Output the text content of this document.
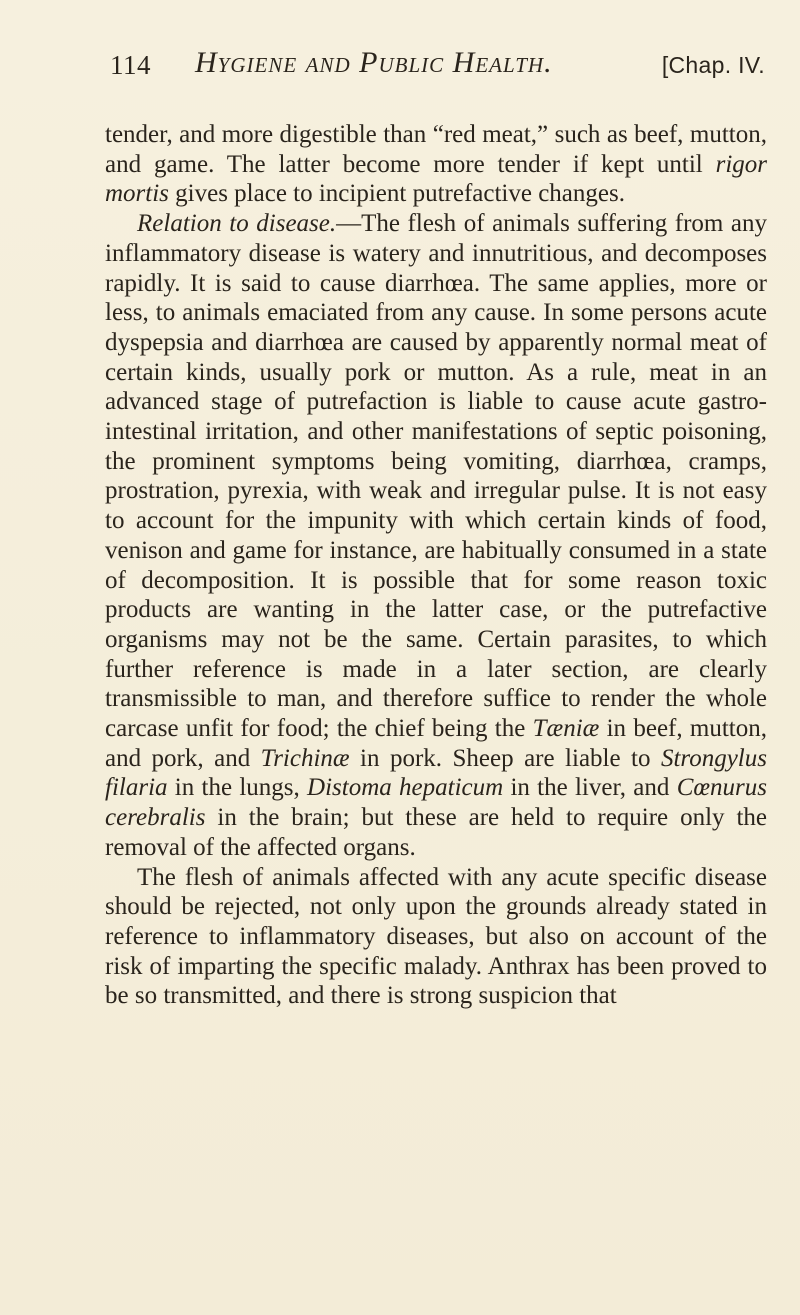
114 Hygiene and Public Health.	[Chap. IV.

tender, and more digestible than “red meat,” such as beef, mutton, and game. The latter become more tender if kept until rigor mortis gives place to incipient putrefactive changes.

Relation to disease.—The flesh of animals suffering from any inflammatory disease is watery and innutritious, and decomposes rapidly. It is said to cause diarrhœa. The same applies, more or less, to animals emaciated from any cause. In some persons acute dyspepsia and diarrhœa are caused by apparently normal meat of certain kinds, usually pork or mutton. As a rule, meat in an advanced stage of putrefaction is liable to cause acute gastro-intestinal irritation, and other manifestations of septic poisoning, the prominent symptoms being vomiting, diarrhœa, cramps, prostration, pyrexia, with weak and irregular pulse. It is not easy to account for the impunity with which certain kinds of food, venison and game for instance, are habitually consumed in a state of decomposition. It is possible that for some reason toxic products are wanting in the latter case, or the putrefactive organisms may not be the same. Certain parasites, to which further reference is made in a later section, are clearly transmissible to man, and therefore suffice to render the whole carcase unfit for food; the chief being the Tæniæ in beef, mutton, and pork, and Trichinæ in pork. Sheep are liable to Strongylus filaria in the lungs, Distoma hepaticum in the liver, and Cœnurus cerebralis in the brain; but these are held to require only the removal of the affected organs.

The flesh of animals affected with any acute specific disease should be rejected, not only upon the grounds already stated in reference to inflammatory diseases, but also on account of the risk of imparting the specific malady. Anthrax has been proved to be so transmitted, and there is strong suspicion that
